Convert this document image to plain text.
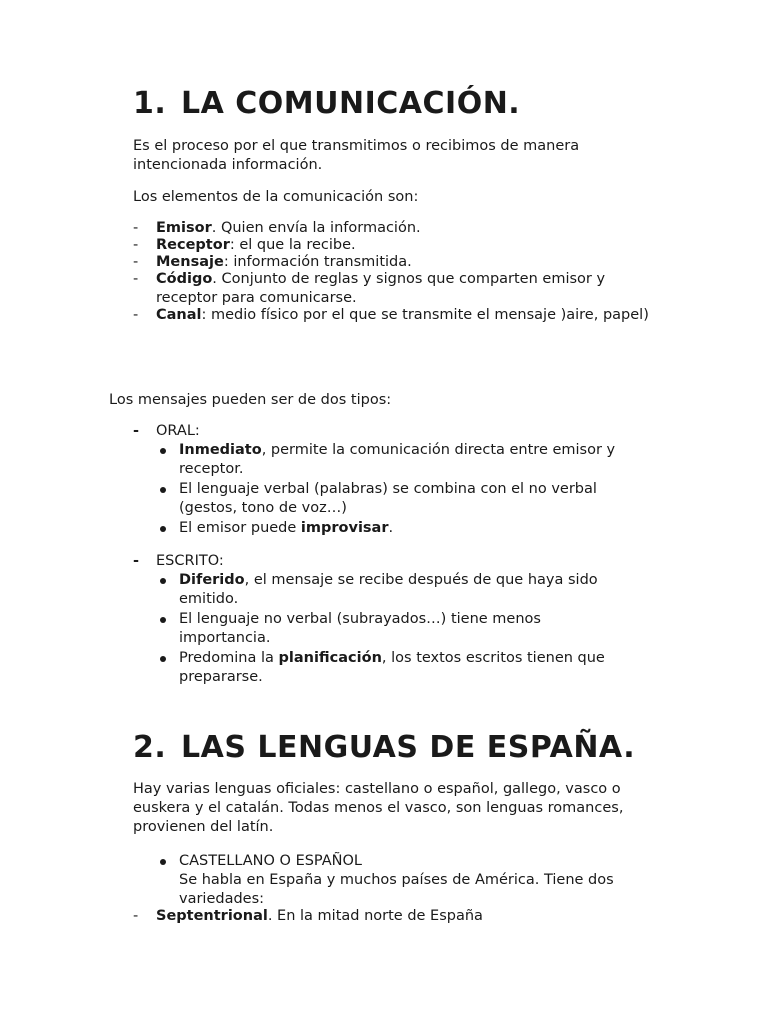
1. LA COMUNICACIÓN.

Es el proceso por el que transmitimos o recibimos de manera intencionada información.

Los elementos de la comunicación son:

- Emisor. Quien envía la información.
- Receptor: el que la recibe.
- Mensaje: información transmitida.
- Código. Conjunto de reglas y signos que comparten emisor y receptor para comunicarse.
- Canal: medio físico por el que se transmite el mensaje )aire, papel)

Los mensajes pueden ser de dos tipos:

- ORAL:
Inmediato, permite la comunicación directa entre emisor y receptor.
El lenguaje verbal (palabras) se combina con el no verbal (gestos, tono de voz…)
El emisor puede improvisar.
- ESCRITO:
Diferido, el mensaje se recibe después de que haya sido emitido.
El lenguaje no verbal (subrayados…) tiene menos importancia.
Predomina la planificación, los textos escritos tienen que prepararse.
2. LAS LENGUAS DE ESPAÑA.

Hay varias lenguas oficiales: castellano o español, gallego, vasco o euskera y el catalán. Todas menos el vasco, son lenguas romances, provienen del latín.

CASTELLANO O ESPAÑOL
Se habla en España y muchos países de América. Tiene dos variedades:
- Septentrional. En la mitad norte de España
